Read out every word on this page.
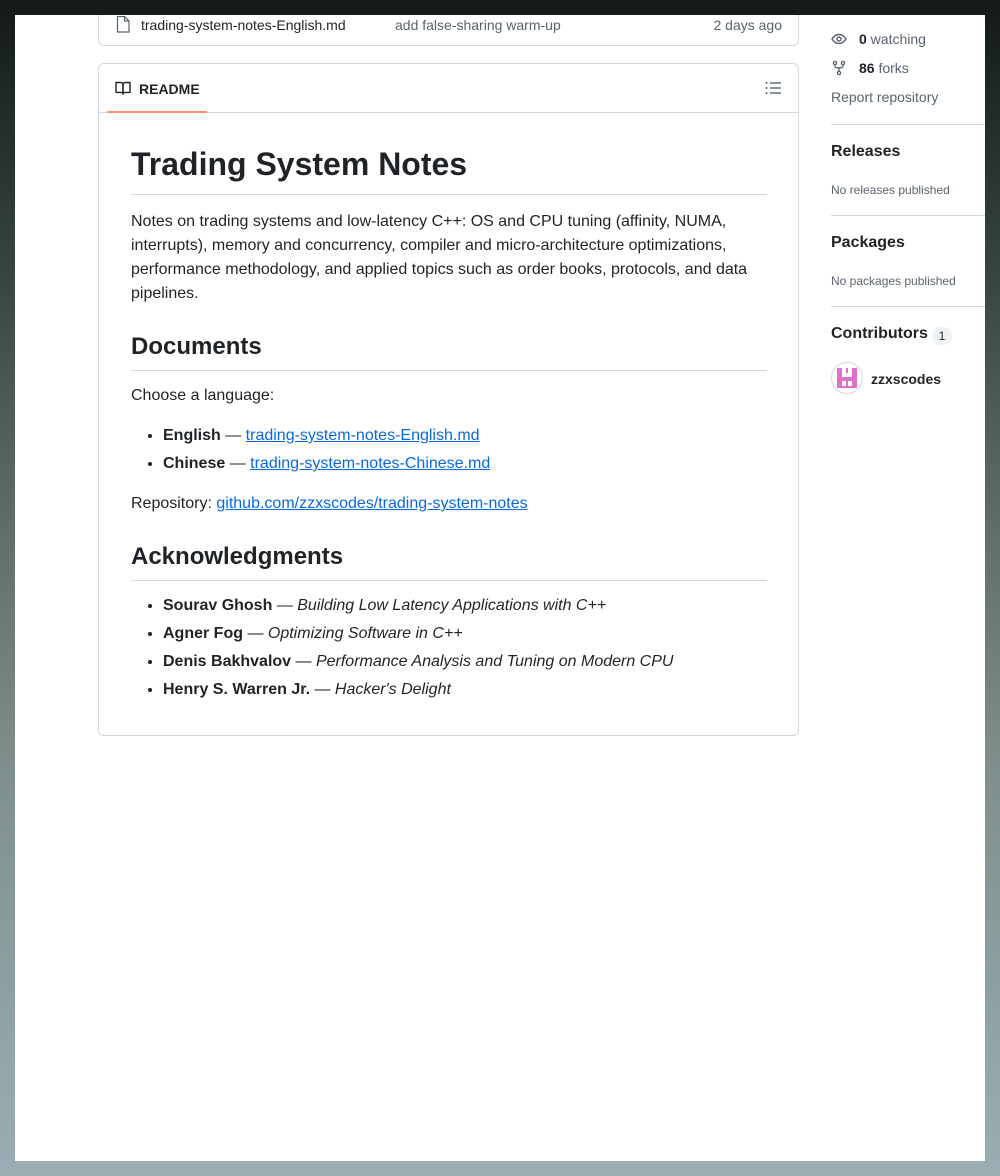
trading-system-notes-English.md	add false-sharing warm-up	2 days ago
README
Trading System Notes

Notes on trading systems and low-latency C++: OS and CPU tuning (affinity, NUMA, interrupts), memory and concurrency, compiler and micro-architecture optimizations, performance methodology, and applied topics such as order books, protocols, and data pipelines.

Documents

Choose a language:

• English — trading-system-notes-English.md
• Chinese — trading-system-notes-Chinese.md

Repository: github.com/zzxscodes/trading-system-notes

Acknowledgments
• Sourav Ghosh — Building Low Latency Applications with C++
• Agner Fog — Optimizing Software in C++
• Denis Bakhvalov — Performance Analysis and Tuning on Modern CPU
• Henry S. Warren Jr. — Hacker's Delight
0 watching
86 forks
Report repository
Releases
No releases published
Packages
No packages published
Contributors 1
zzxscodes
